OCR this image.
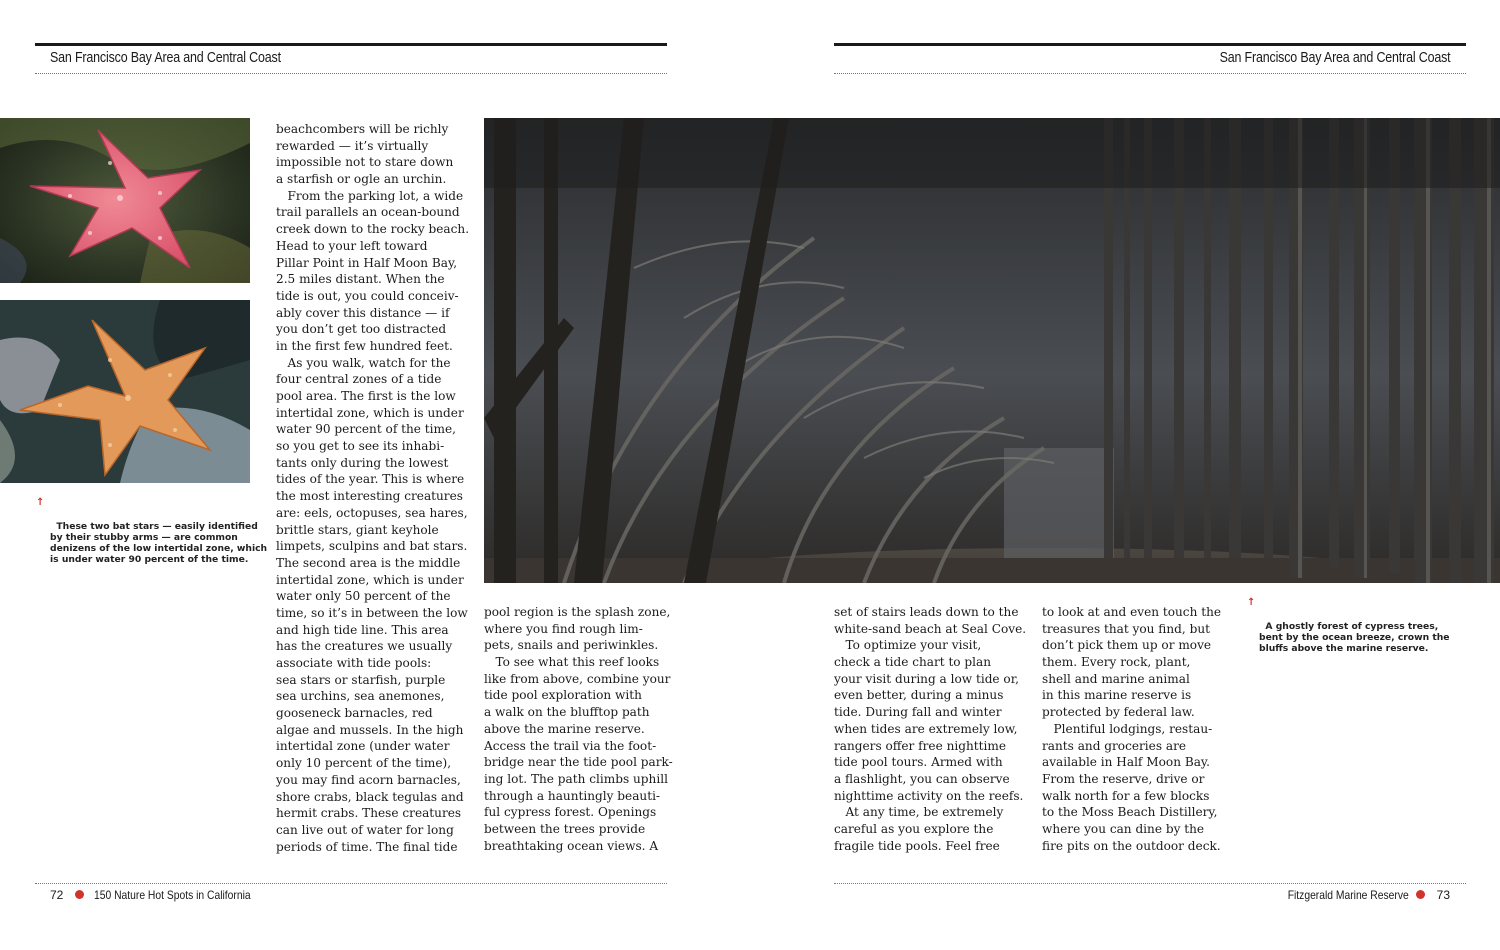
San Francisco Bay Area and Central Coast

↑

These two bat stars — easily identified
by their stubby arms — are common
denizens of the low intertidal zone, which
is under water 90 percent of the time.

beachcombers will be richly
rewarded — it’s virtually
impossible not to stare down
a starfish or ogle an urchin.
From the parking lot, a wide
trail parallels an ocean-bound
creek down to the rocky beach.
Head to your left toward
Pillar Point in Half Moon Bay,
2.5 miles distant. When the
tide is out, you could conceiv-
ably cover this distance — if
you don’t get too distracted
in the first few hundred feet.
As you walk, watch for the
four central zones of a tide
pool area. The first is the low
intertidal zone, which is under
water 90 percent of the time,
so you get to see its inhabi-
tants only during the lowest
tides of the year. This is where
the most interesting creatures
are: eels, octopuses, sea hares,
brittle stars, giant keyhole
limpets, sculpins and bat stars.
The second area is the middle
intertidal zone, which is under
water only 50 percent of the
time, so it’s in between the low
and high tide line. This area
has the creatures we usually
associate with tide pools:
sea stars or starfish, purple
sea urchins, sea anemones,
gooseneck barnacles, red
algae and mussels. In the high
intertidal zone (under water
only 10 percent of the time),
you may find acorn barnacles,
shore crabs, black tegulas and
hermit crabs. These creatures
can live out of water for long
periods of time. The final tide
pool region is the splash zone,
where you find rough lim-
pets, snails and periwinkles.
To see what this reef looks
like from above, combine your
tide pool exploration with
a walk on the blufftop path
above the marine reserve.
Access the trail via the foot-
bridge near the tide pool park-
ing lot. The path climbs uphill
through a hauntingly beauti-
ful cypress forest. Openings
between the trees provide
breathtaking ocean views. A
72	150 Nature Hot Spots in California
San Francisco Bay Area and Central Coast
set of stairs leads down to the
white-sand beach at Seal Cove.
To optimize your visit,
check a tide chart to plan
your visit during a low tide or,
even better, during a minus
tide. During fall and winter
when tides are extremely low,
rangers offer free nighttime
tide pool tours. Armed with
a flashlight, you can observe
nighttime activity on the reefs.
At any time, be extremely
careful as you explore the
fragile tide pools. Feel free
to look at and even touch the
treasures that you find, but
don’t pick them up or move
them. Every rock, plant,
shell and marine animal
in this marine reserve is
protected by federal law.
Plentiful lodgings, restau-
rants and groceries are
available in Half Moon Bay.
From the reserve, drive or
walk north for a few blocks
to the Moss Beach Distillery,
where you can dine by the
fire pits on the outdoor deck.

↑

A ghostly forest of cypress trees,
bent by the ocean breeze, crown the
bluffs above the marine reserve.

Fitzgerald Marine Reserve 73
